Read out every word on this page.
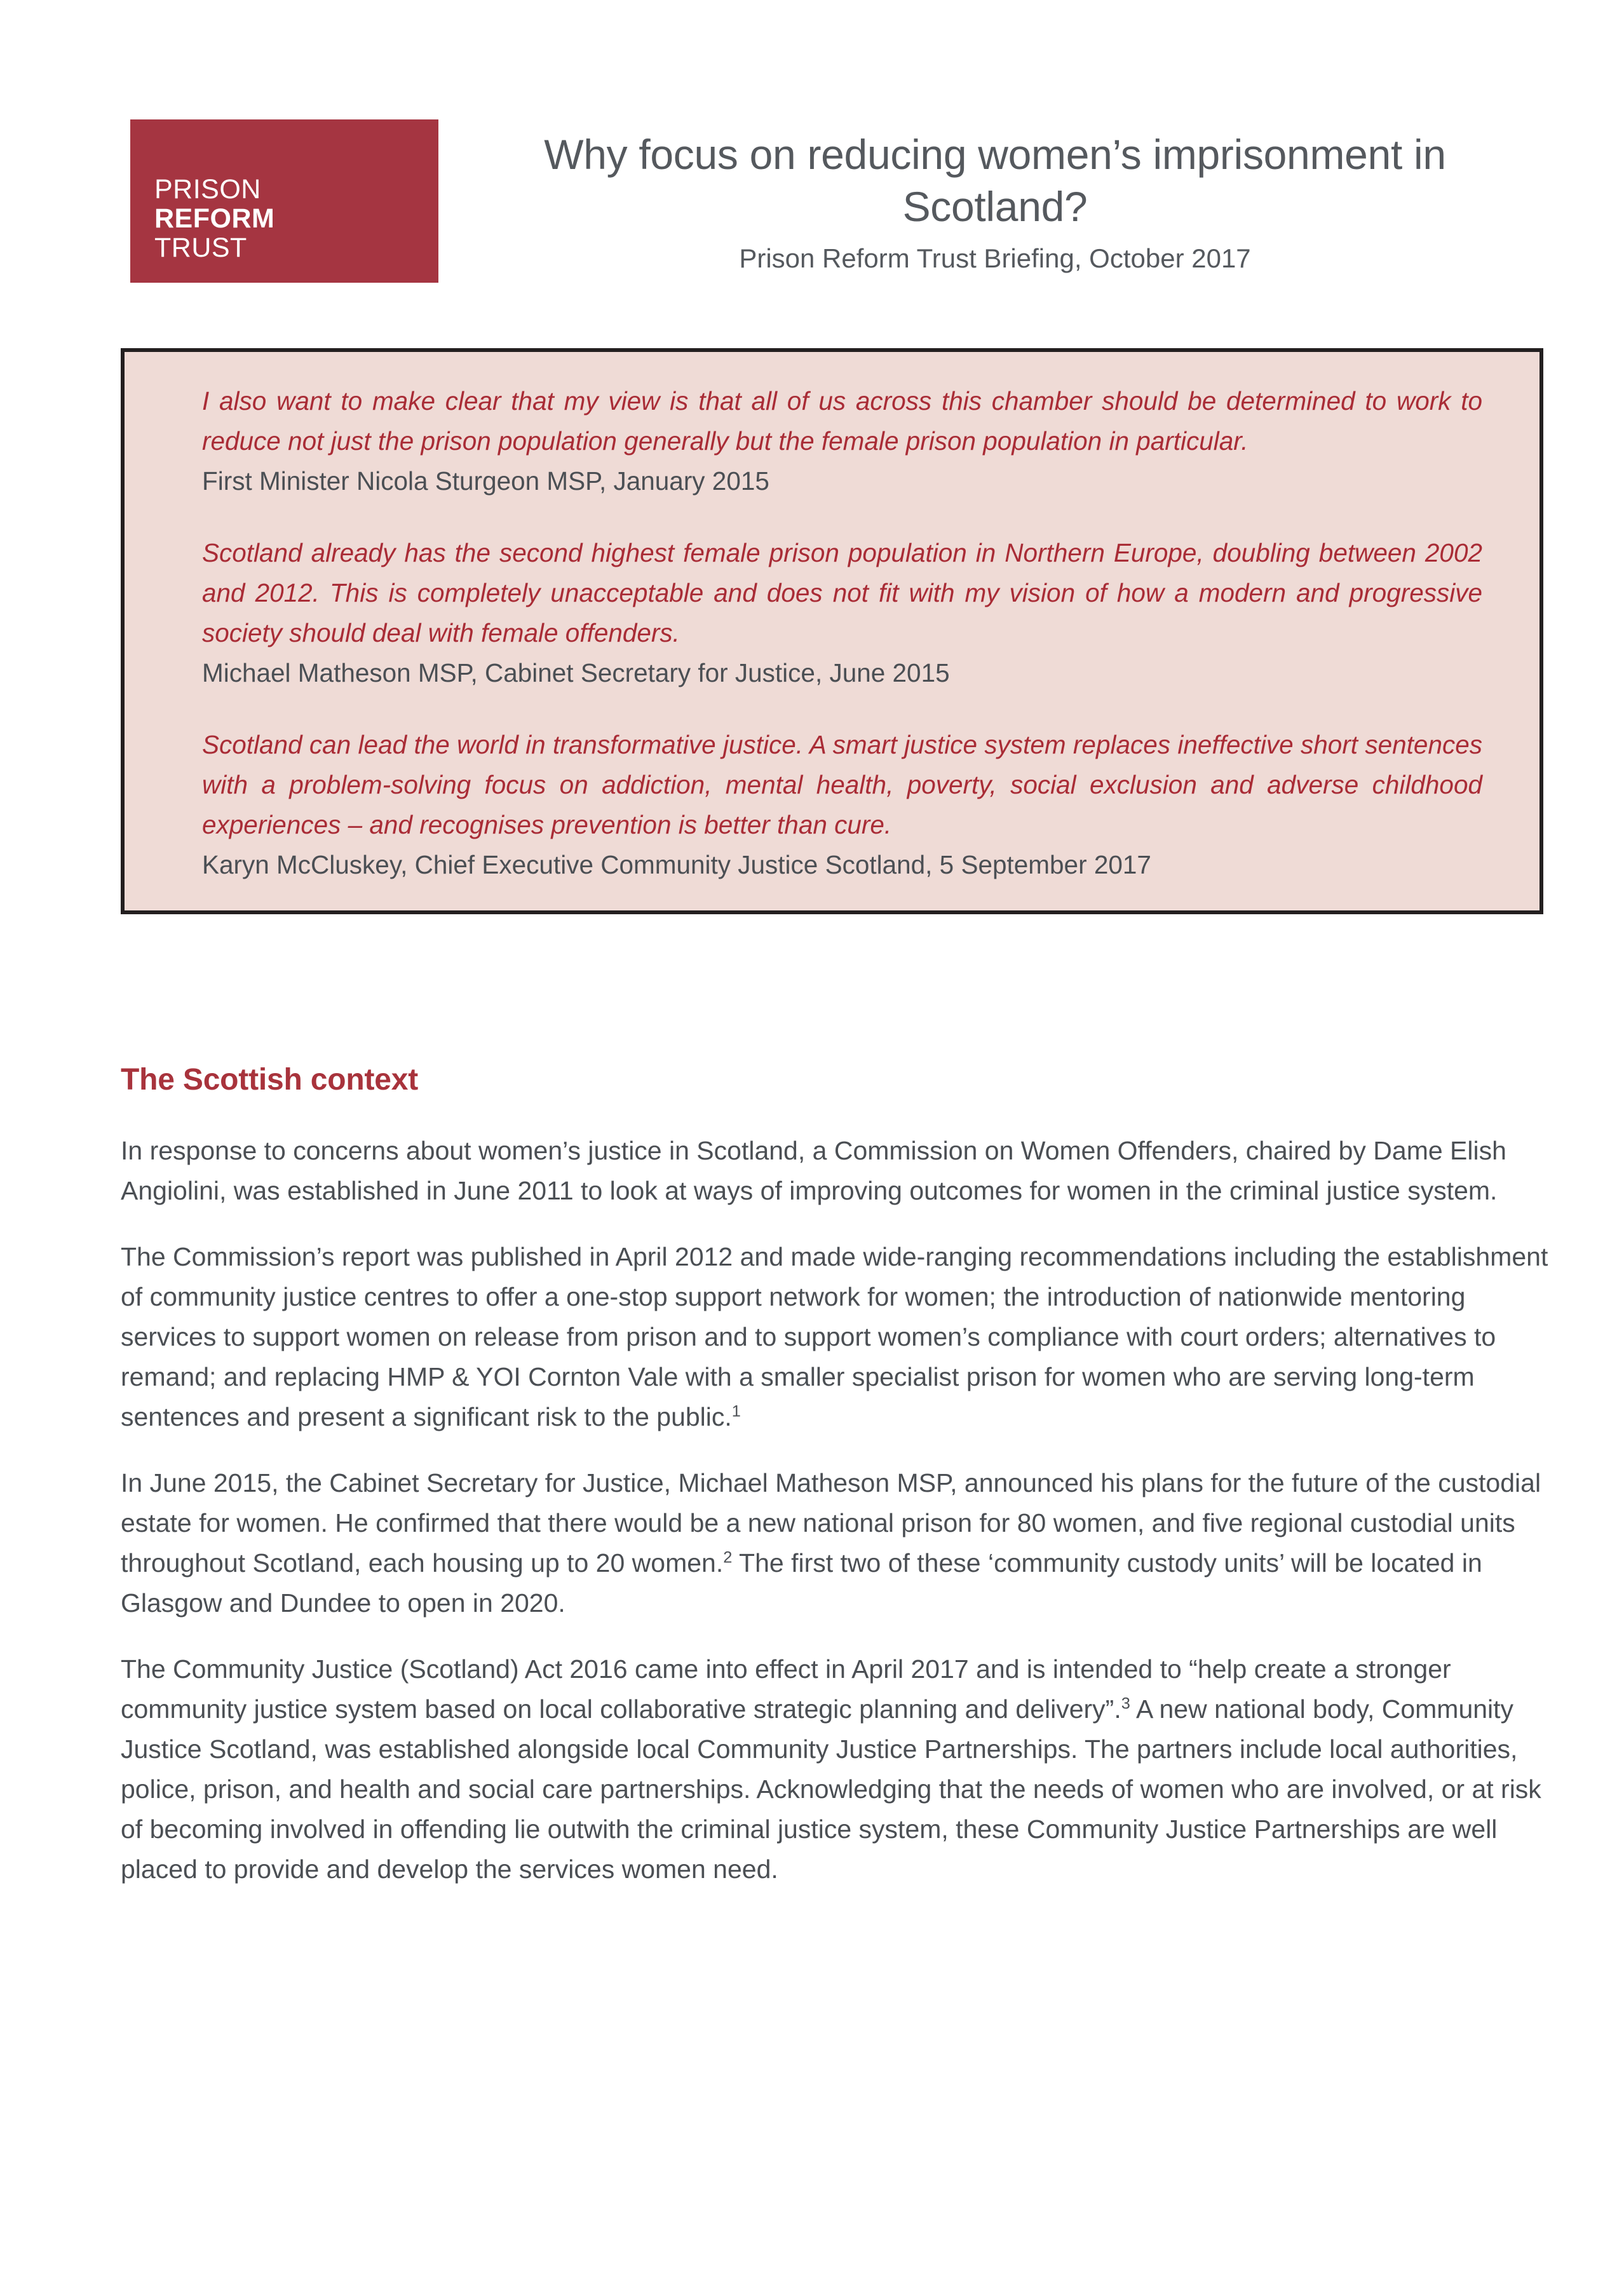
PRISON
REFORM
TRUST
Why focus on reducing women’s imprisonment in Scotland?
Prison Reform Trust Briefing, October 2017

I also want to make clear that my view is that all of us across this chamber should be determined to work to reduce not just the prison population generally but the female prison population in particular.

First Minister Nicola Sturgeon MSP, January 2015

Scotland already has the second highest female prison population in Northern Europe, doubling between 2002 and 2012. This is completely unacceptable and does not fit with my vision of how a modern and progressive society should deal with female offenders.

Michael Matheson MSP, Cabinet Secretary for Justice, June 2015

Scotland can lead the world in transformative justice. A smart justice system replaces ineffective short sentences with a problem-solving focus on addiction, mental health, poverty, social exclusion and adverse childhood experiences – and recognises prevention is better than cure.

Karyn McCluskey, Chief Executive Community Justice Scotland, 5 September 2017

The Scottish context

In response to concerns about women’s justice in Scotland, a Commission on Women Offenders, chaired by Dame Elish Angiolini, was established in June 2011 to look at ways of improving outcomes for women in the criminal justice system.

The Commission’s report was published in April 2012 and made wide-ranging recommendations including the establishment of community justice centres to offer a one-stop support network for women; the introduction of nationwide mentoring services to support women on release from prison and to support women’s compliance with court orders; alternatives to remand; and replacing HMP & YOI Cornton Vale with a smaller specialist prison for women who are serving long-term sentences and present a significant risk to the public.$^1$

In June 2015, the Cabinet Secretary for Justice, Michael Matheson MSP, announced his plans for the future of the custodial estate for women. He confirmed that there would be a new national prison for 80 women, and five regional custodial units throughout Scotland, each housing up to 20 women.$^2$ The first two of these ‘community custody units’ will be located in Glasgow and Dundee to open in 2020.

The Community Justice (Scotland) Act 2016 came into effect in April 2017 and is intended to “help create a stronger community justice system based on local collaborative strategic planning and delivery”.$^3$ A new national body, Community Justice Scotland, was established alongside local Community Justice Partnerships. The partners include local authorities, police, prison, and health and social care partnerships. Acknowledging that the needs of women who are involved, or at risk of becoming involved in offending lie outwith the criminal justice system, these Community Justice Partnerships are well placed to provide and develop the services women need.
